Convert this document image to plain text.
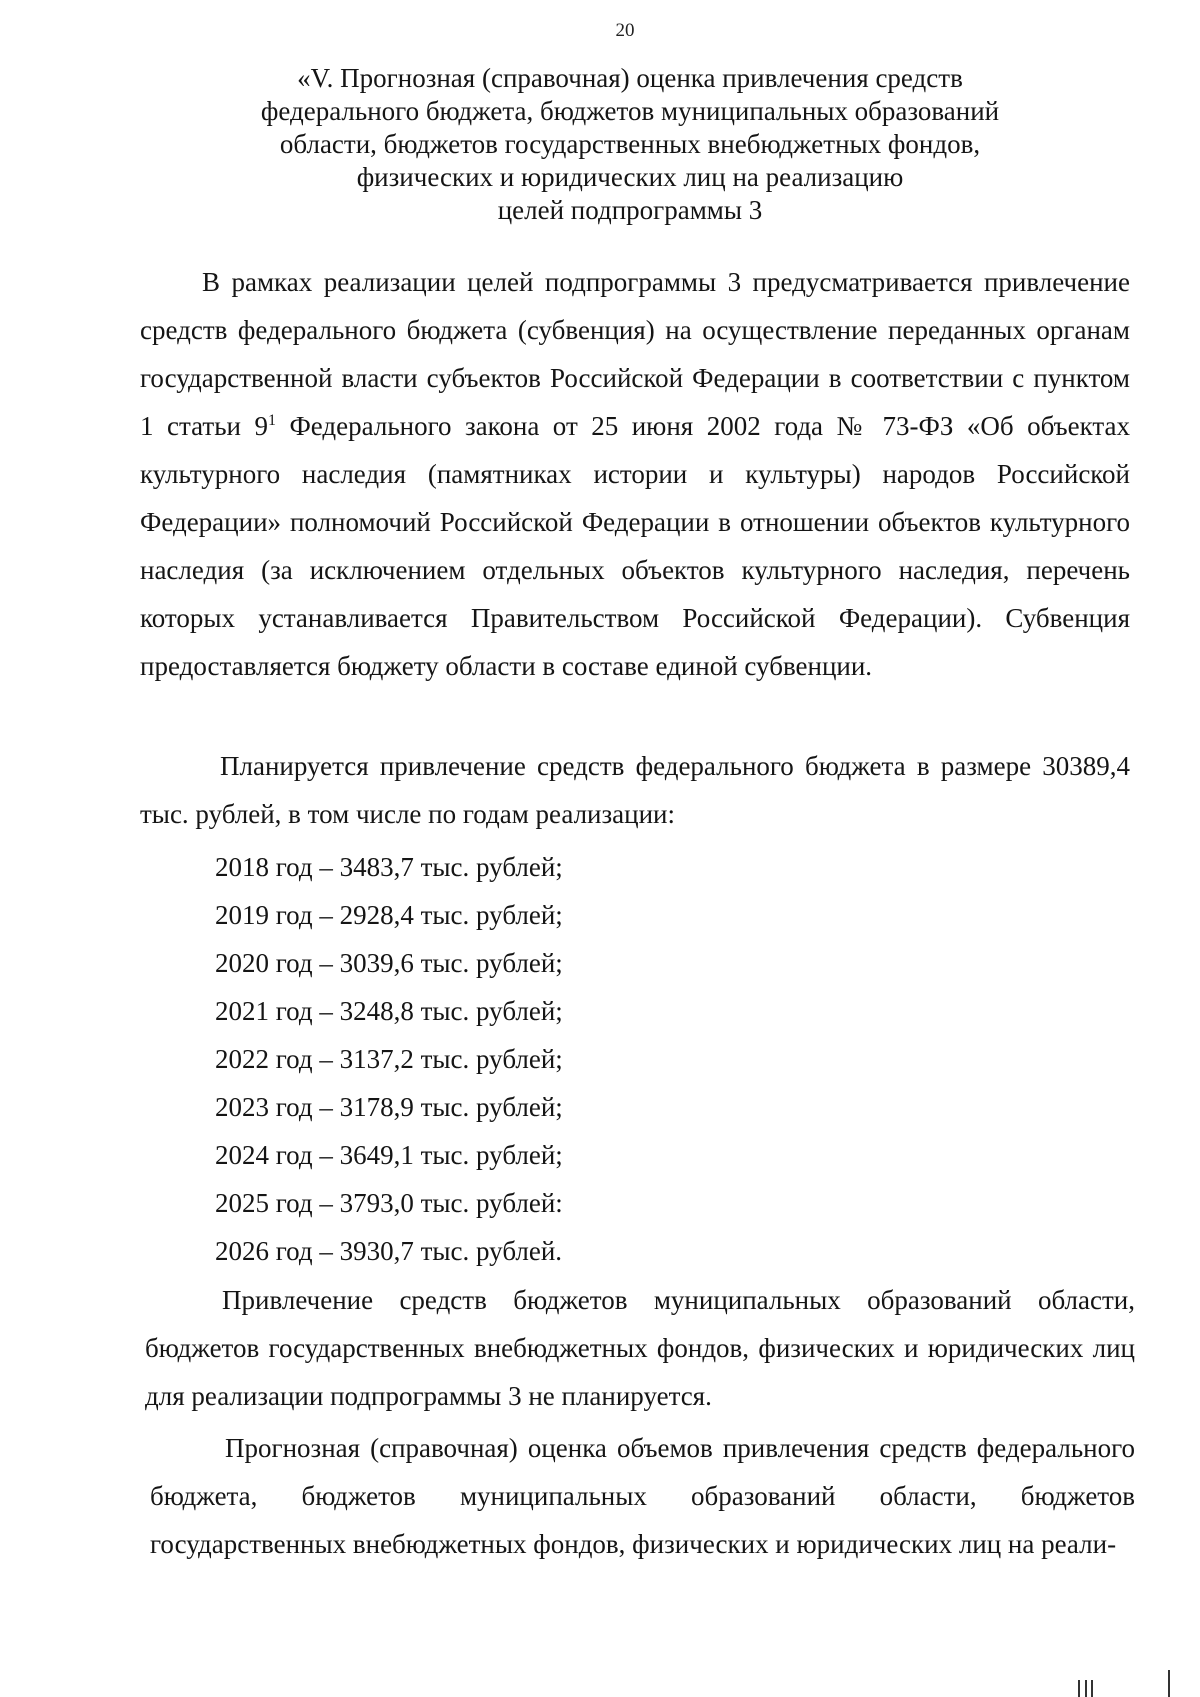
20
«V. Прогнозная (справочная) оценка привлечения средств
федерального бюджета, бюджетов муниципальных образований
области, бюджетов государственных внебюджетных фондов,
физических и юридических лиц на реализацию
целей подпрограммы 3

В рамках реализации целей подпрограммы 3 предусматривается привлечение средств федерального бюджета (субвенция) на осуществление переданных органам государственной власти субъектов Российской Федерации в соответствии с пунктом 1 статьи $9^1$ Федерального закона от 25 июня 2002 года № 73-ФЗ «Об объектах культурного наследия (памятниках истории и культуры) народов Российской Федерации» полномочий Российской Федерации в отношении объектов культурного наследия (за исключением отдельных объектов культурного наследия, перечень которых устанавливается Правительством Российской Федерации). Субвенция предоставляется бюджету области в составе единой субвенции.

Планируется привлечение средств федерального бюджета в размере 30389,4 тыс. рублей, в том числе по годам реализации:

2018 год – 3483,7 тыс. рублей;
2019 год – 2928,4 тыс. рублей;
2020 год – 3039,6 тыс. рублей;
2021 год – 3248,8 тыс. рублей;
2022 год – 3137,2 тыс. рублей;
2023 год – 3178,9 тыс. рублей;
2024 год – 3649,1 тыс. рублей;
2025 год – 3793,0 тыс. рублей:
2026 год – 3930,7 тыс. рублей.

Привлечение средств бюджетов муниципальных образований области, бюджетов государственных внебюджетных фондов, физических и юридических лиц для реализации подпрограммы 3 не планируется.

Прогнозная (справочная) оценка объемов привлечения средств федерального бюджета, бюджетов муниципальных образований области, бюджетов государственных внебюджетных фондов, физических и юридических лиц на реали-
